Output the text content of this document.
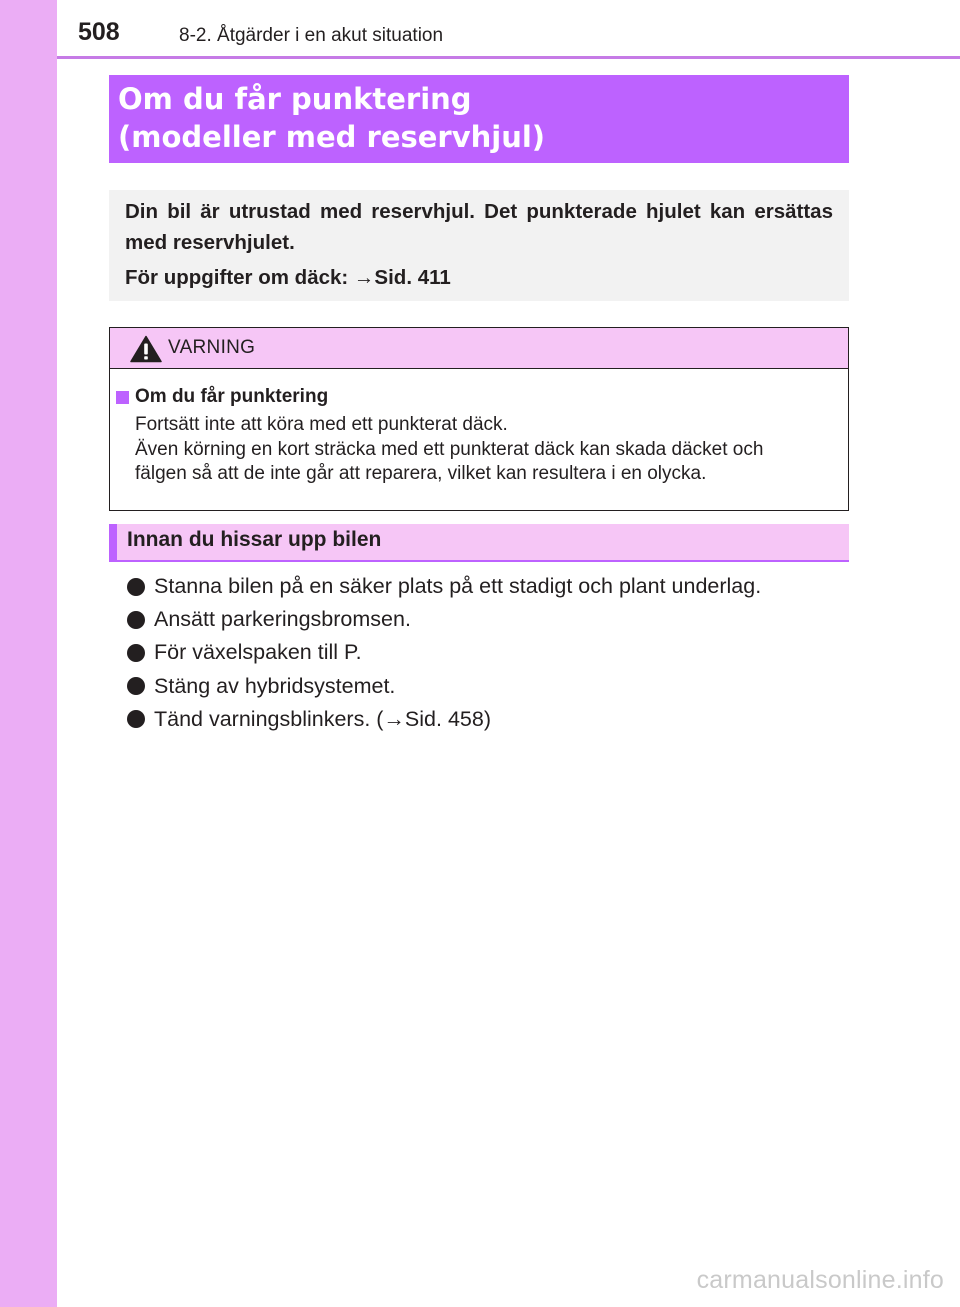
508	8-2. Åtgärder i en akut situation
Om du får punktering
(modeller med reservhjul)

Din bil är utrustad med reservhjul. Det punkterade hjulet kan ersättas med reservhjulet.

För uppgifter om däck: →Sid. 411

VARNING
Om du får punktering
Fortsätt inte att köra med ett punkterat däck.
Även körning en kort sträcka med ett punkterat däck kan skada däcket och
fälgen så att de inte går att reparera, vilket kan resultera i en olycka.
Innan du hissar upp bilen
Stanna bilen på en säker plats på ett stadigt och plant underlag.
Ansätt parkeringsbromsen.
För växelspaken till P.
Stäng av hybridsystemet.
Tänd varningsblinkers. (→Sid. 458)
carmanualsonline.info
